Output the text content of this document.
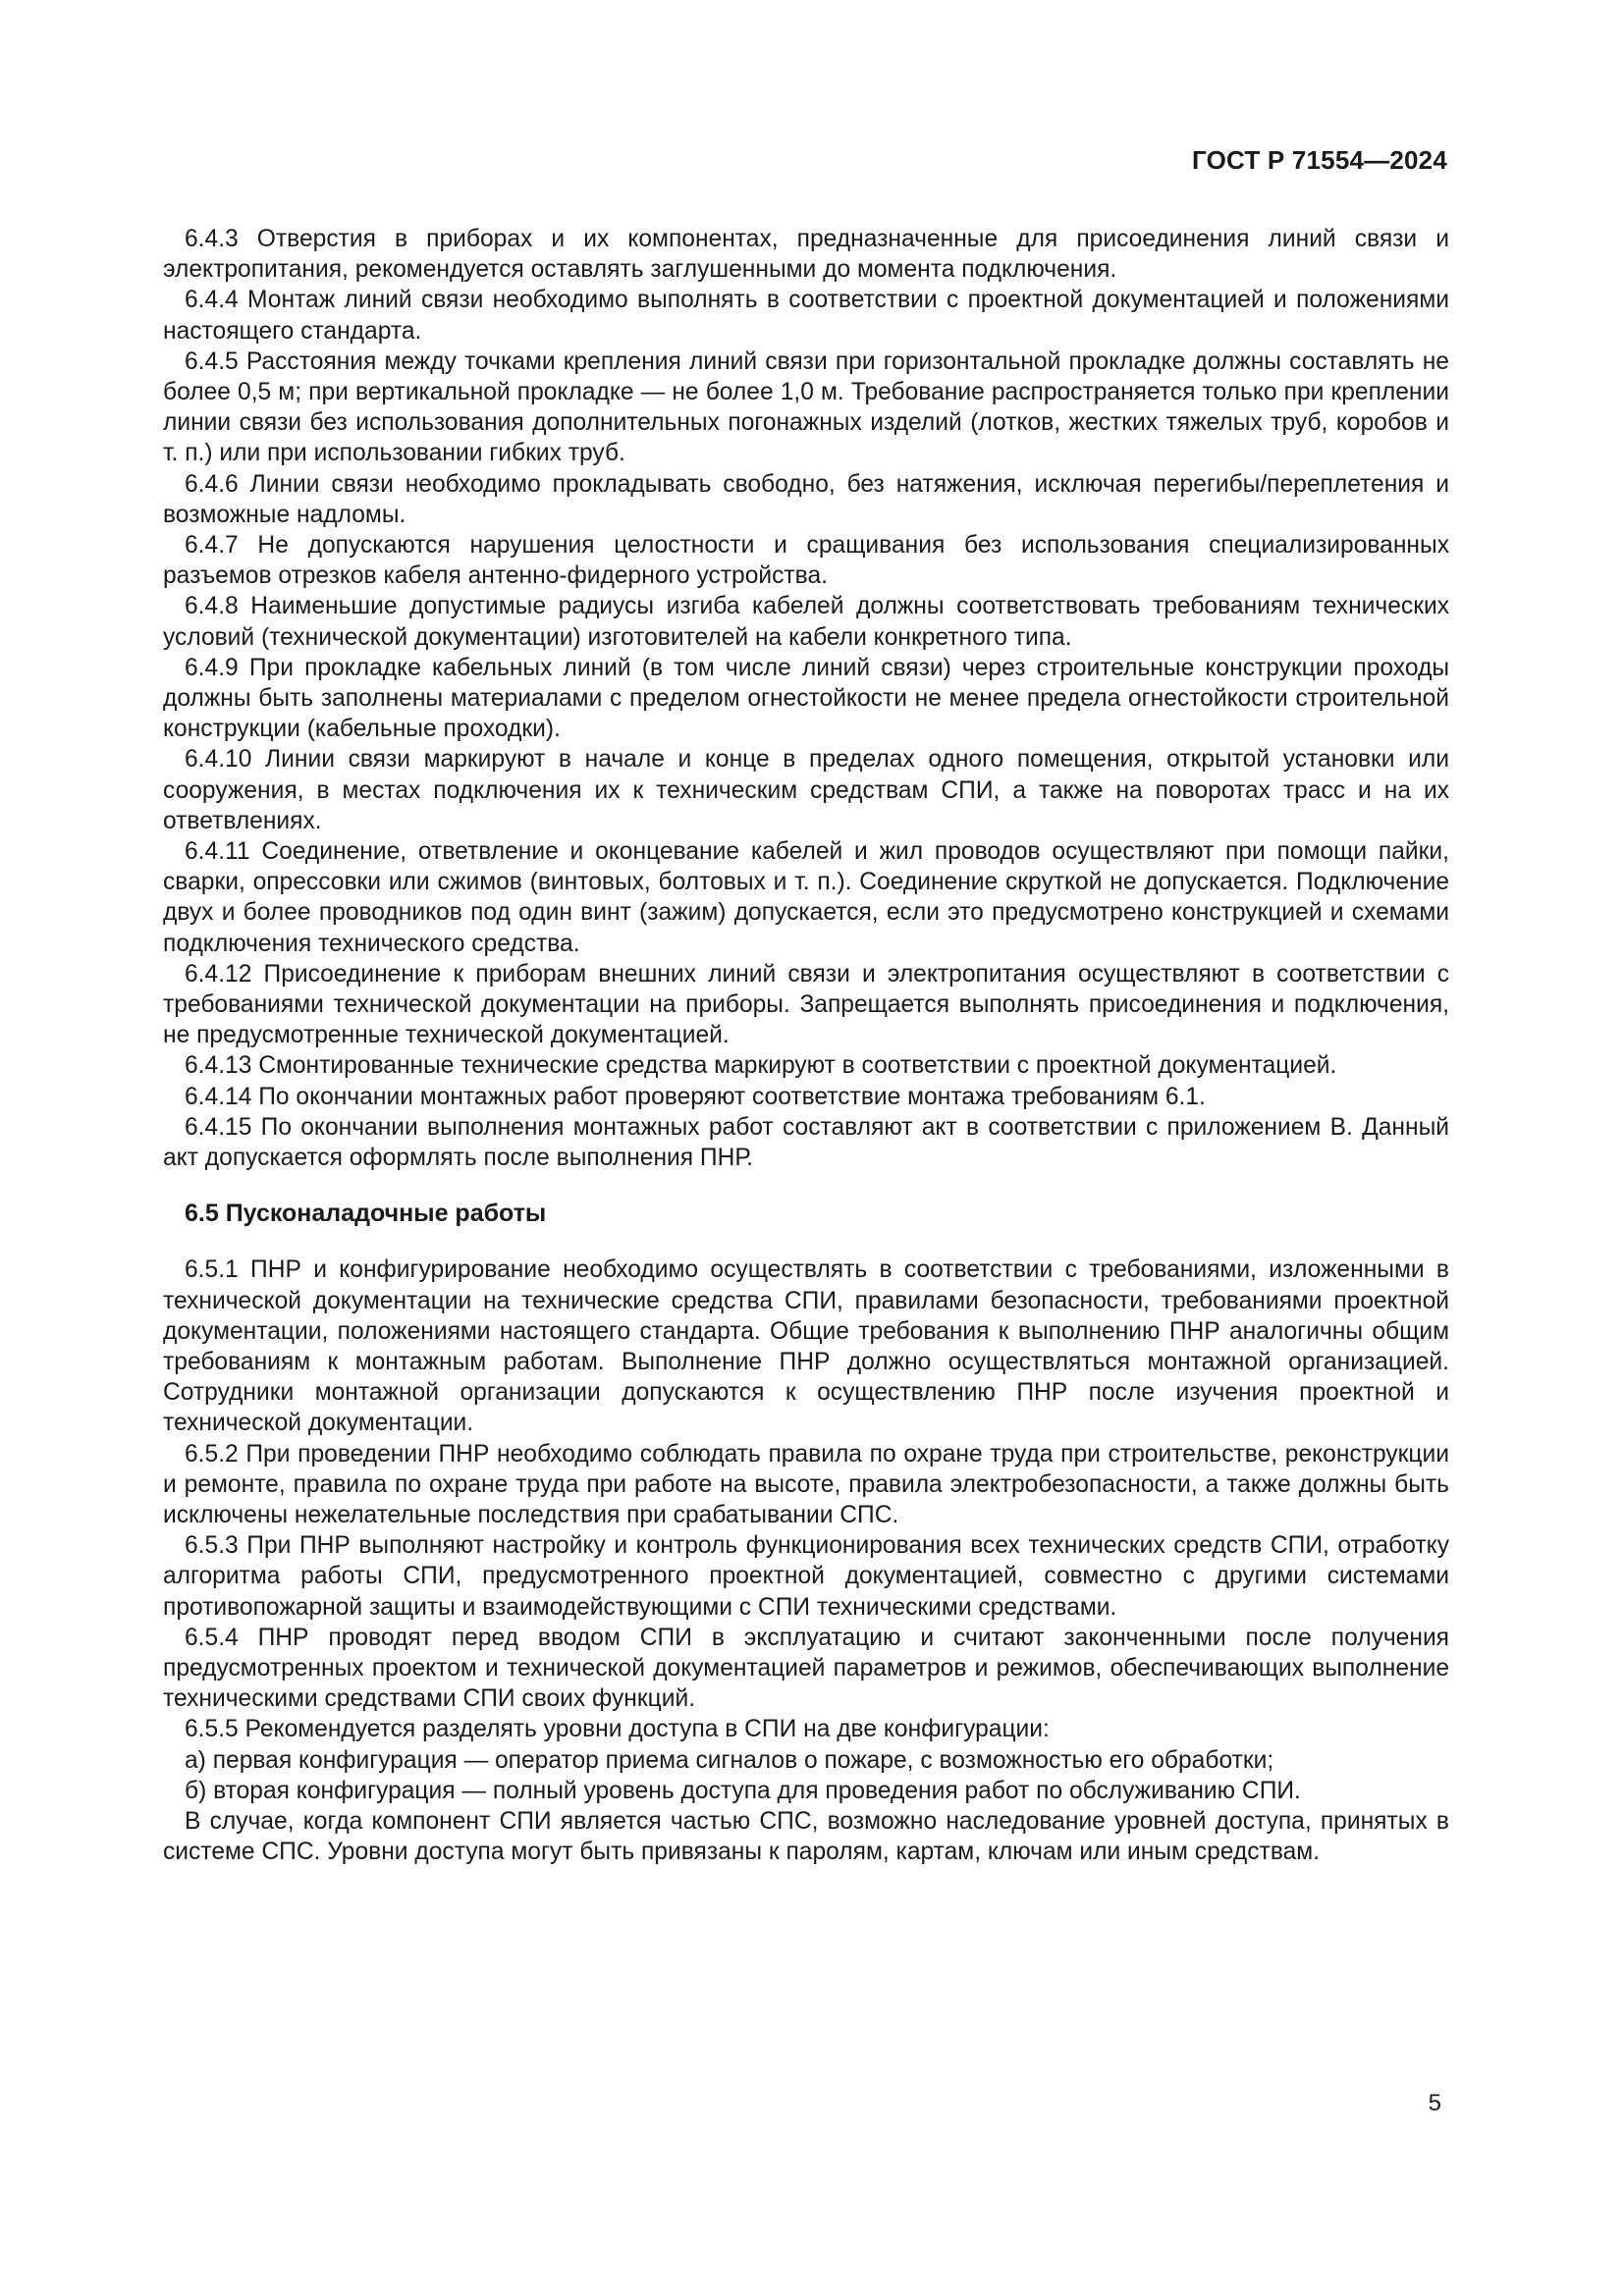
ГОСТ Р 71554—2024

6.4.3 Отверстия в приборах и их компонентах, предназначенные для присоединения линий связи и электропитания, рекомендуется оставлять заглушенными до момента подключения.

6.4.4 Монтаж линий связи необходимо выполнять в соответствии с проектной документацией и положениями настоящего стандарта.

6.4.5 Расстояния между точками крепления линий связи при горизонтальной прокладке должны составлять не более 0,5 м; при вертикальной прокладке — не более 1,0 м. Требование распространяется только при креплении линии связи без использования дополнительных погонажных изделий (лотков, жестких тяжелых труб, коробов и т. п.) или при использовании гибких труб.

6.4.6 Линии связи необходимо прокладывать свободно, без натяжения, исключая перегибы/переплетения и возможные надломы.

6.4.7 Не допускаются нарушения целостности и сращивания без использования специализированных разъемов отрезков кабеля антенно-фидерного устройства.

6.4.8 Наименьшие допустимые радиусы изгиба кабелей должны соответствовать требованиям технических условий (технической документации) изготовителей на кабели конкретного типа.

6.4.9 При прокладке кабельных линий (в том числе линий связи) через строительные конструкции проходы должны быть заполнены материалами с пределом огнестойкости не менее предела огнестойкости строительной конструкции (кабельные проходки).

6.4.10 Линии связи маркируют в начале и конце в пределах одного помещения, открытой установки или сооружения, в местах подключения их к техническим средствам СПИ, а также на поворотах трасс и на их ответвлениях.

6.4.11 Соединение, ответвление и оконцевание кабелей и жил проводов осуществляют при помощи пайки, сварки, опрессовки или сжимов (винтовых, болтовых и т. п.). Соединение скруткой не допускается. Подключение двух и более проводников под один винт (зажим) допускается, если это предусмотрено конструкцией и схемами подключения технического средства.

6.4.12 Присоединение к приборам внешних линий связи и электропитания осуществляют в соответствии с требованиями технической документации на приборы. Запрещается выполнять присоединения и подключения, не предусмотренные технической документацией.

6.4.13 Смонтированные технические средства маркируют в соответствии с проектной документацией.

6.4.14 По окончании монтажных работ проверяют соответствие монтажа требованиям 6.1.

6.4.15 По окончании выполнения монтажных работ составляют акт в соответствии с приложением В. Данный акт допускается оформлять после выполнения ПНР.

6.5 Пусконаладочные работы

6.5.1 ПНР и конфигурирование необходимо осуществлять в соответствии с требованиями, изложенными в технической документации на технические средства СПИ, правилами безопасности, требованиями проектной документации, положениями настоящего стандарта. Общие требования к выполнению ПНР аналогичны общим требованиям к монтажным работам. Выполнение ПНР должно осуществляться монтажной организацией. Сотрудники монтажной организации допускаются к осуществлению ПНР после изучения проектной и технической документации.

6.5.2 При проведении ПНР необходимо соблюдать правила по охране труда при строительстве, реконструкции и ремонте, правила по охране труда при работе на высоте, правила электробезопасности, а также должны быть исключены нежелательные последствия при срабатывании СПС.

6.5.3 При ПНР выполняют настройку и контроль функционирования всех технических средств СПИ, отработку алгоритма работы СПИ, предусмотренного проектной документацией, совместно с другими системами противопожарной защиты и взаимодействующими с СПИ техническими средствами.

6.5.4 ПНР проводят перед вводом СПИ в эксплуатацию и считают законченными после получения предусмотренных проектом и технической документацией параметров и режимов, обеспечивающих выполнение техническими средствами СПИ своих функций.

6.5.5 Рекомендуется разделять уровни доступа в СПИ на две конфигурации:

а) первая конфигурация — оператор приема сигналов о пожаре, с возможностью его обработки;

б) вторая конфигурация — полный уровень доступа для проведения работ по обслуживанию СПИ.

В случае, когда компонент СПИ является частью СПС, возможно наследование уровней доступа, принятых в системе СПС. Уровни доступа могут быть привязаны к паролям, картам, ключам или иным средствам.

5
